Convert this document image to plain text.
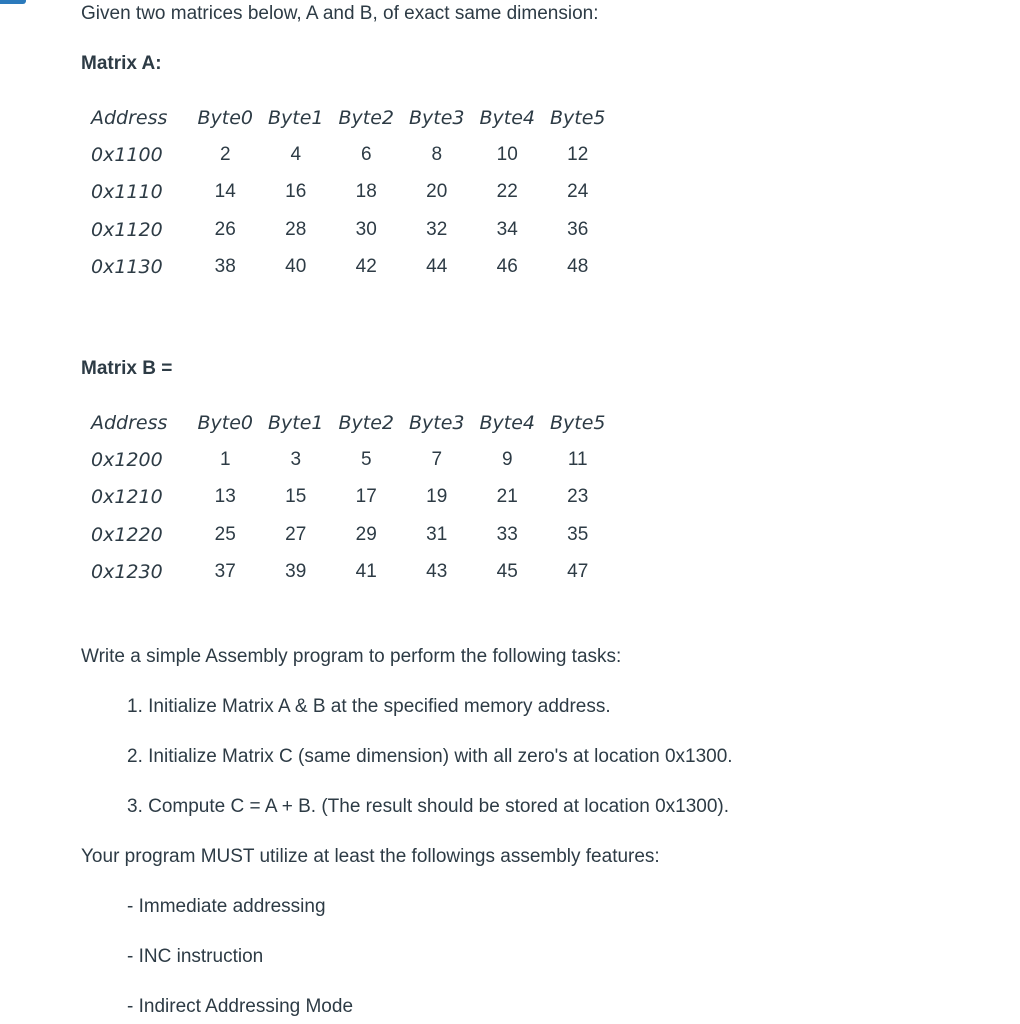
Given two matrices below, A and B, of exact same dimension:
Matrix A:
Address	Byte0	Byte1	Byte2	Byte3	Byte4	Byte5
0x1100	2	4	6	8	10	12
0x1110	14	16	18	20	22	24
0x1120	26	28	30	32	34	36
0x1130	38	40	42	44	46	48
Matrix B =
Address	Byte0	Byte1	Byte2	Byte3	Byte4	Byte5
0x1200	1	3	5	7	9	11
0x1210	13	15	17	19	21	23
0x1220	25	27	29	31	33	35
0x1230	37	39	41	43	45	47
Write a simple Assembly program to perform the following tasks:
1. Initialize Matrix A & B at the specified memory address.
2. Initialize Matrix C (same dimension) with all zero's at location 0x1300.
3. Compute C = A + B. (The result should be stored at location 0x1300).
Your program MUST utilize at least the followings assembly features:
- Immediate addressing
- INC instruction
- Indirect Addressing Mode
